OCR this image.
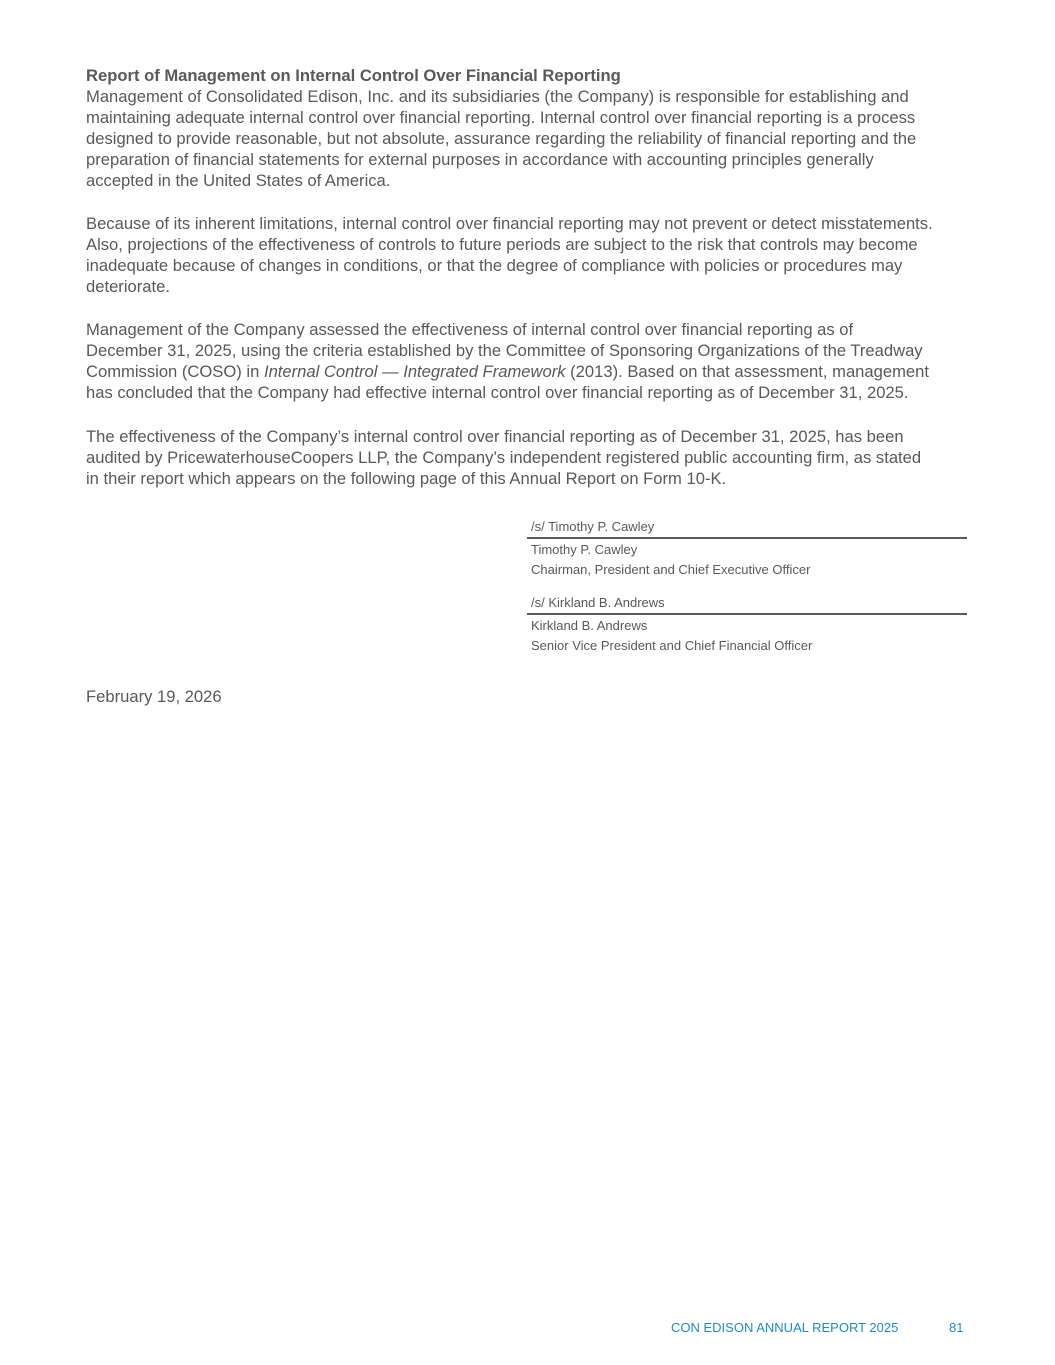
Report of Management on Internal Control Over Financial Reporting
Management of Consolidated Edison, Inc. and its subsidiaries (the Company) is responsible for establishing and
maintaining adequate internal control over financial reporting. Internal control over financial reporting is a process
designed to provide reasonable, but not absolute, assurance regarding the reliability of financial reporting and the
preparation of financial statements for external purposes in accordance with accounting principles generally
accepted in the United States of America.
Because of its inherent limitations, internal control over financial reporting may not prevent or detect misstatements.
Also, projections of the effectiveness of controls to future periods are subject to the risk that controls may become
inadequate because of changes in conditions, or that the degree of compliance with policies or procedures may
deteriorate.
Management of the Company assessed the effectiveness of internal control over financial reporting as of
December 31, 2025, using the criteria established by the Committee of Sponsoring Organizations of the Treadway
Commission (COSO) in Internal Control — Integrated Framework (2013). Based on that assessment, management
has concluded that the Company had effective internal control over financial reporting as of December 31, 2025.
The effectiveness of the Company’s internal control over financial reporting as of December 31, 2025, has been
audited by PricewaterhouseCoopers LLP, the Company’s independent registered public accounting firm, as stated
in their report which appears on the following page of this Annual Report on Form 10-K.
/s/ Timothy P. Cawley
Timothy P. Cawley
Chairman, President and Chief Executive Officer
/s/ Kirkland B. Andrews
Kirkland B. Andrews
Senior Vice President and Chief Financial Officer
February 19, 2026
CON EDISON ANNUAL REPORT 2025	81
